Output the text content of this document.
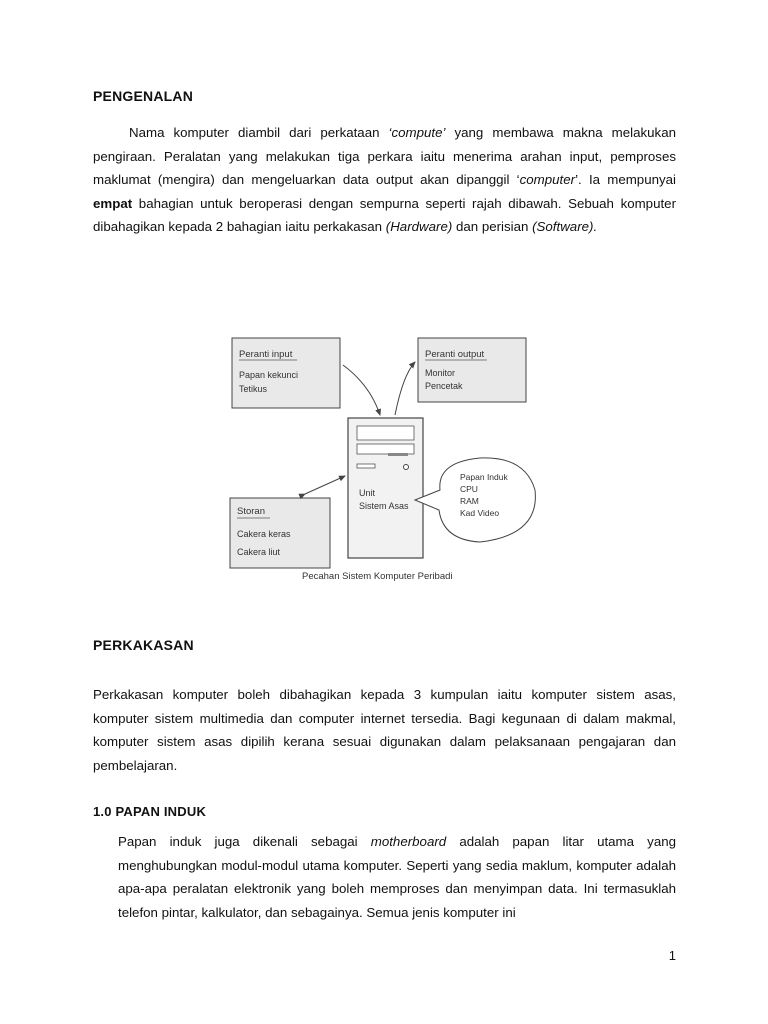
PENGENALAN
Nama komputer diambil dari perkataan ‘compute’ yang membawa makna melakukan pengiraan. Peralatan yang melakukan tiga perkara iaitu menerima arahan input, pemproses maklumat (mengira) dan mengeluarkan data output akan dipanggil ‘computer’. Ia mempunyai empat bahagian untuk beroperasi dengan sempurna seperti rajah dibawah. Sebuah komputer dibahagikan kepada 2 bahagian iaitu perkakasan (Hardware) dan perisian (Software).
Peranti input
Papan kekunci
Tetikus
Peranti output
Monitor
Pencetak
Storan
Cakera keras
Cakera liut
Unit
Sistem Asas
Papan Induk
CPU
RAM
Kad Video
Pecahan Sistem Komputer Peribadi
PERKAKASAN
Perkakasan komputer boleh dibahagikan kepada 3 kumpulan iaitu komputer sistem asas, komputer sistem multimedia dan computer internet tersedia. Bagi kegunaan di dalam makmal, komputer sistem asas dipilih kerana sesuai digunakan dalam pelaksanaan pengajaran dan pembelajaran.
1.0 PAPAN INDUK
Papan induk juga dikenali sebagai motherboard adalah papan litar utama yang menghubungkan modul-modul utama komputer. Seperti yang sedia maklum, komputer adalah apa-apa peralatan elektronik yang boleh memproses dan menyimpan data. Ini termasuklah telefon pintar, kalkulator, dan sebagainya. Semua jenis komputer ini
1
